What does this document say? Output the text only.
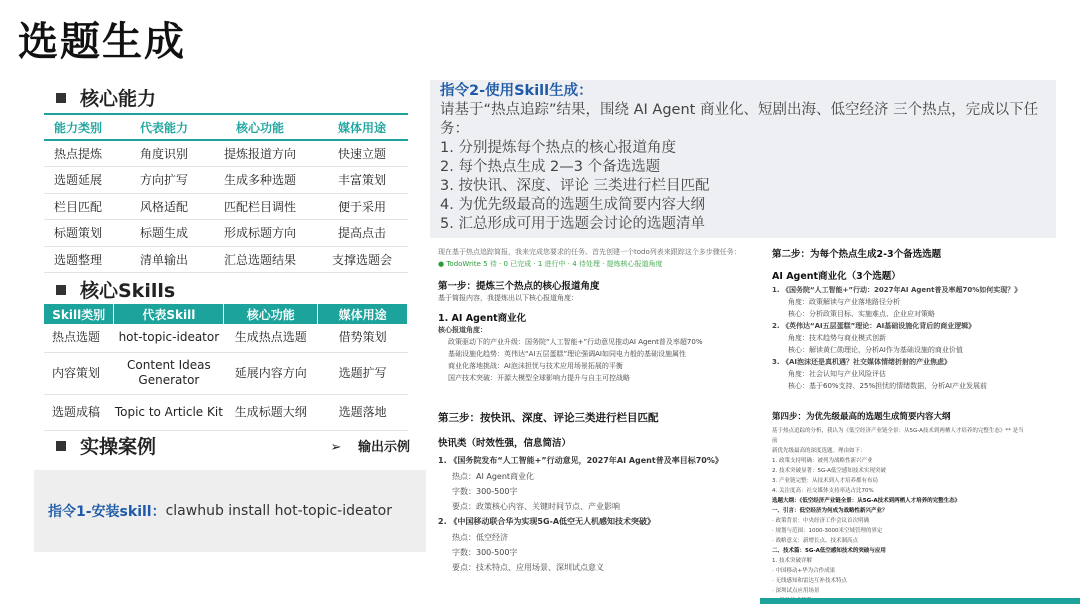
选题生成
核心能力
能力类别	代表能力	核心功能	媒体用途
热点提炼	角度识别	提炼报道方向	快速立题
选题延展	方向扩写	生成多种选题	丰富策划
栏目匹配	风格适配	匹配栏目调性	便于采用
标题策划	标题生成	形成标题方向	提高点击
选题整理	清单输出	汇总选题结果	支撑选题会
核心Skills
Skill类别	代表Skill	核心功能	媒体用途
热点选题	hot-topic-ideator	生成热点选题	借势策划
内容策划	Content Ideas Generator	延展内容方向	选题扩写
选题成稿	Topic to Article Kit	生成标题大纲	选题落地
实操案例	➢ 输出示例
指令1-安装skill： clawhub install hot-topic-ideator
指令2-使用Skill生成：
请基于“热点追踪”结果，围绕 AI Agent 商业化、短剧出海、低空经济 三个热点，完成以下任务：
1. 分别提炼每个热点的核心报道角度
2. 每个热点生成 2—3 个备选选题
3. 按快讯、深度、评论 三类进行栏目匹配
4. 为优先级最高的选题生成简要内容大纲
5. 汇总形成可用于选题会讨论的选题清单
现在基于热点追踪简报，我来完成您要求的任务。首先创建一个todo列表来跟踪这个多步骤任务：
● TodoWrite 5 待 · 0 已完成 · 1 进行中 · 4 待处理 · 提炼核心报道角度
第一步：提炼三个热点的核心报道角度
基于简报内容，我提炼出以下核心报道角度：
1. AI Agent商业化
核心报道角度：
政策驱动下的产业升级：国务院“人工智能+”行动意见推动AI Agent普及率超70%
基础设施化趋势：英伟达“AI五层蛋糕”理论强调AI如同电力般的基础设施属性
商业化落地挑战：AI泡沫担忧与技术应用场景拓展的平衡
国产技术突破：开源大模型全球影响力提升与自主可控战略
第二步：为每个热点生成2-3个备选选题
AI Agent商业化（3个选题）
1. 《国务院“人工智能+”行动：2027年AI Agent普及率超70%如何实现？》
角度：政策解读与产业落地路径分析
核心：分析政策目标、实施难点、企业应对策略
2. 《英伟达“AI五层蛋糕”理论：AI基础设施化背后的商业逻辑》
角度：技术趋势与商业模式创新
核心：解读黄仁勋理论，分析AI作为基础设施的商业价值
3. 《AI泡沫还是真机遇？社交媒体情绪折射的产业焦虑》
角度：社会认知与产业风险评估
核心：基于60%支持、25%担忧的情绪数据，分析AI产业发展前
第三步：按快讯、深度、评论三类进行栏目匹配
快讯类（时效性强，信息简洁）
1. 《国务院发布“人工智能+”行动意见，2027年AI Agent普及率目标70%》
热点：AI Agent商业化
字数：300-500字
要点：政策核心内容、关键时间节点、产业影响
2. 《中国移动联合华为实现5G-A低空无人机感知技术突破》
热点：低空经济
字数：300-500字
要点：技术特点、应用场景、深圳试点意义
第四步：为优先级最高的选题生成简要内容大纲
基于热点追踪的分析，我认为《低空经济产业链全景：从5G-A技术到两栖人才培养的完整生态》** 是当前
新优先级最高的深度选题。理由如下：
1. 政策支持明确：被列为战略性新兴产业
2. 技术突破显著：5G-A低空感知技术实现突破
3. 产业链完整：从技术到人才培养都有布局
4. 关注度高：社交媒体支持率达占比70%
选题大纲：《低空经济产业链全景：从5G-A技术到两栖人才培养的完整生态》
一、引言：低空经济为何成为战略性新兴产业？
· 政策背景：中央经济工作会议首次明确
· 规划与范围：1000-3000米空域管理的界定
· 战略意义：新增长点、技术制高点
二、技术篇：5G-A低空感知技术的突破与应用
1. 技术突破详解
· 中国移动+华为合作成果
· 无线感知和雷达互补技术特点
· 深圳试点应用场景
